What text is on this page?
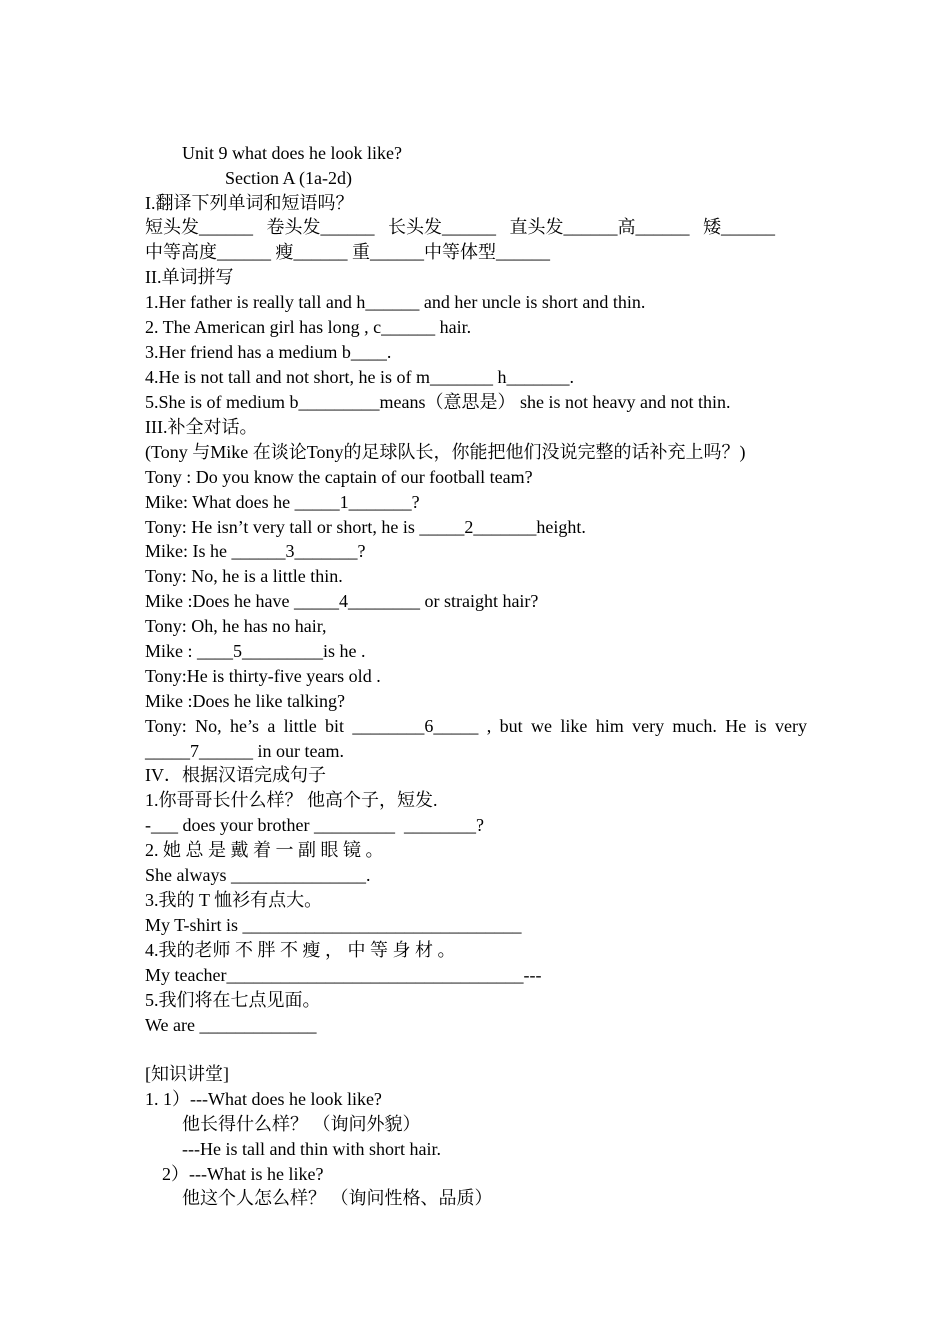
Unit 9 what does he look like?
Section A (1a-2d)
I.翻译下列单词和短语吗？
短头发______   卷头发______   长头发______   直头发______高______   矮______
中等高度______ 瘦______ 重______中等体型______
II.单词拼写
1.Her father is really tall and h______ and her uncle is short and thin.
2. The American girl has long , c______ hair.
3.Her friend has a medium b____.
4.He is not tall and not short, he is of m_______ h_______.
5.She is of medium b_________means（意思是） she is not heavy and not thin.
III.补全对话。
(Tony 与Mike 在谈论Tony的足球队长，你能把他们没说完整的话补充上吗？)
Tony : Do you know the captain of our football team?
Mike: What does he _____1_______?
Tony: He isn’t very tall or short, he is _____2_______height.
Mike: Is he ______3_______?
Tony: No, he is a little thin.
Mike :Does he have _____4________ or straight hair?
Tony: Oh, he has no hair,
Mike : ____5_________is he .
Tony:He is thirty-five years old .
Mike :Does he like talking?
Tony: No, he’s a little bit ________6_____ , but we like him very much. He is very
_____7______ in our team.
IV．根据汉语完成句子
1.你哥哥长什么样？ 他高个子，短发.
-___ does your brother _________  ________?
2. 她 总 是 戴 着 一 副 眼 镜 。
She always _______________.
3.我的 T 恤衫有点大。
My T-shirt is _______________________________
4.我的老师 不 胖 不 瘦 ， 中 等 身 材 。
My teacher_________________________________---
5.我们将在七点见面。
We are _____________
[知识讲堂]
1. 1）---What does he look like?
他长得什么样？ （询问外貌）
---He is tall and thin with short hair.
2）---What is he like?
他这个人怎么样？ （询问性格、品质）
